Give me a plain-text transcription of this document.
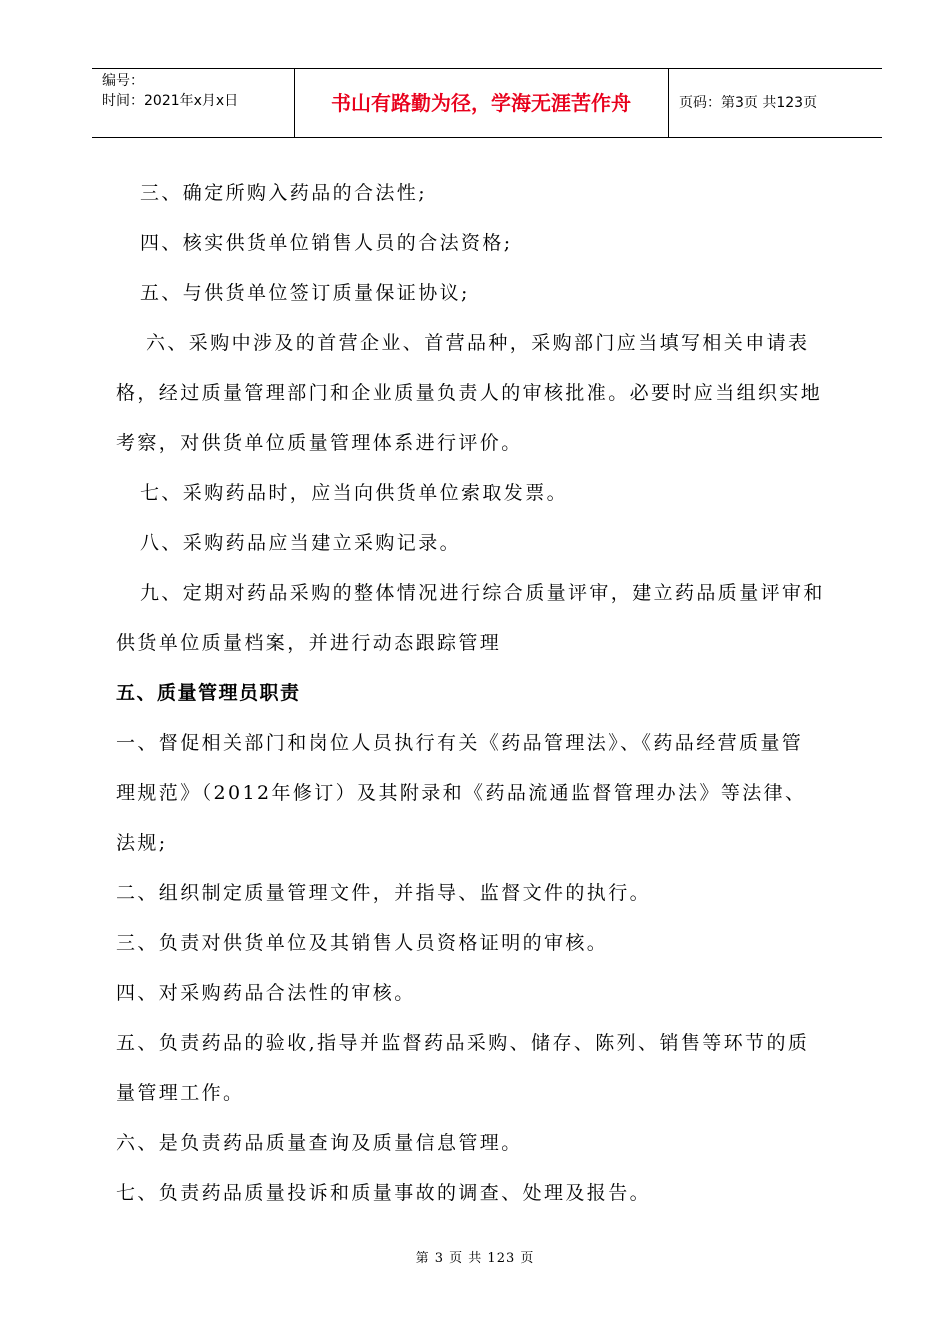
编号：
时间：2021年x月x日	书山有路勤为径，学海无涯苦作舟	页码：第3页 共123页

三、确定所购入药品的合法性;

四、核实供货单位销售人员的合法资格;

五、与供货单位签订质量保证协议;

六、采购中涉及的首营企业、首营品种，采购部门应当填写相关申请表

格，经过质量管理部门和企业质量负责人的审核批准。必要时应当组织实地

考察，对供货单位质量管理体系进行评价。

七、采购药品时，应当向供货单位索取发票。

八、采购药品应当建立采购记录。

九、定期对药品采购的整体情况进行综合质量评审，建立药品质量评审和

供货单位质量档案，并进行动态跟踪管理

五、质量管理员职责

一、督促相关部门和岗位人员执行有关《药品管理法》、《药品经营质量管

理规范》（2012年修订）及其附录和《药品流通监督管理办法》等法律、

法规;

二、组织制定质量管理文件，并指导、监督文件的执行。

三、负责对供货单位及其销售人员资格证明的审核。

四、对采购药品合法性的审核。

五、负责药品的验收,指导并监督药品采购、储存、陈列、销售等环节的质

量管理工作。

六、是负责药品质量查询及质量信息管理。

七、负责药品质量投诉和质量事故的调查、处理及报告。

第 3 页 共 123 页
